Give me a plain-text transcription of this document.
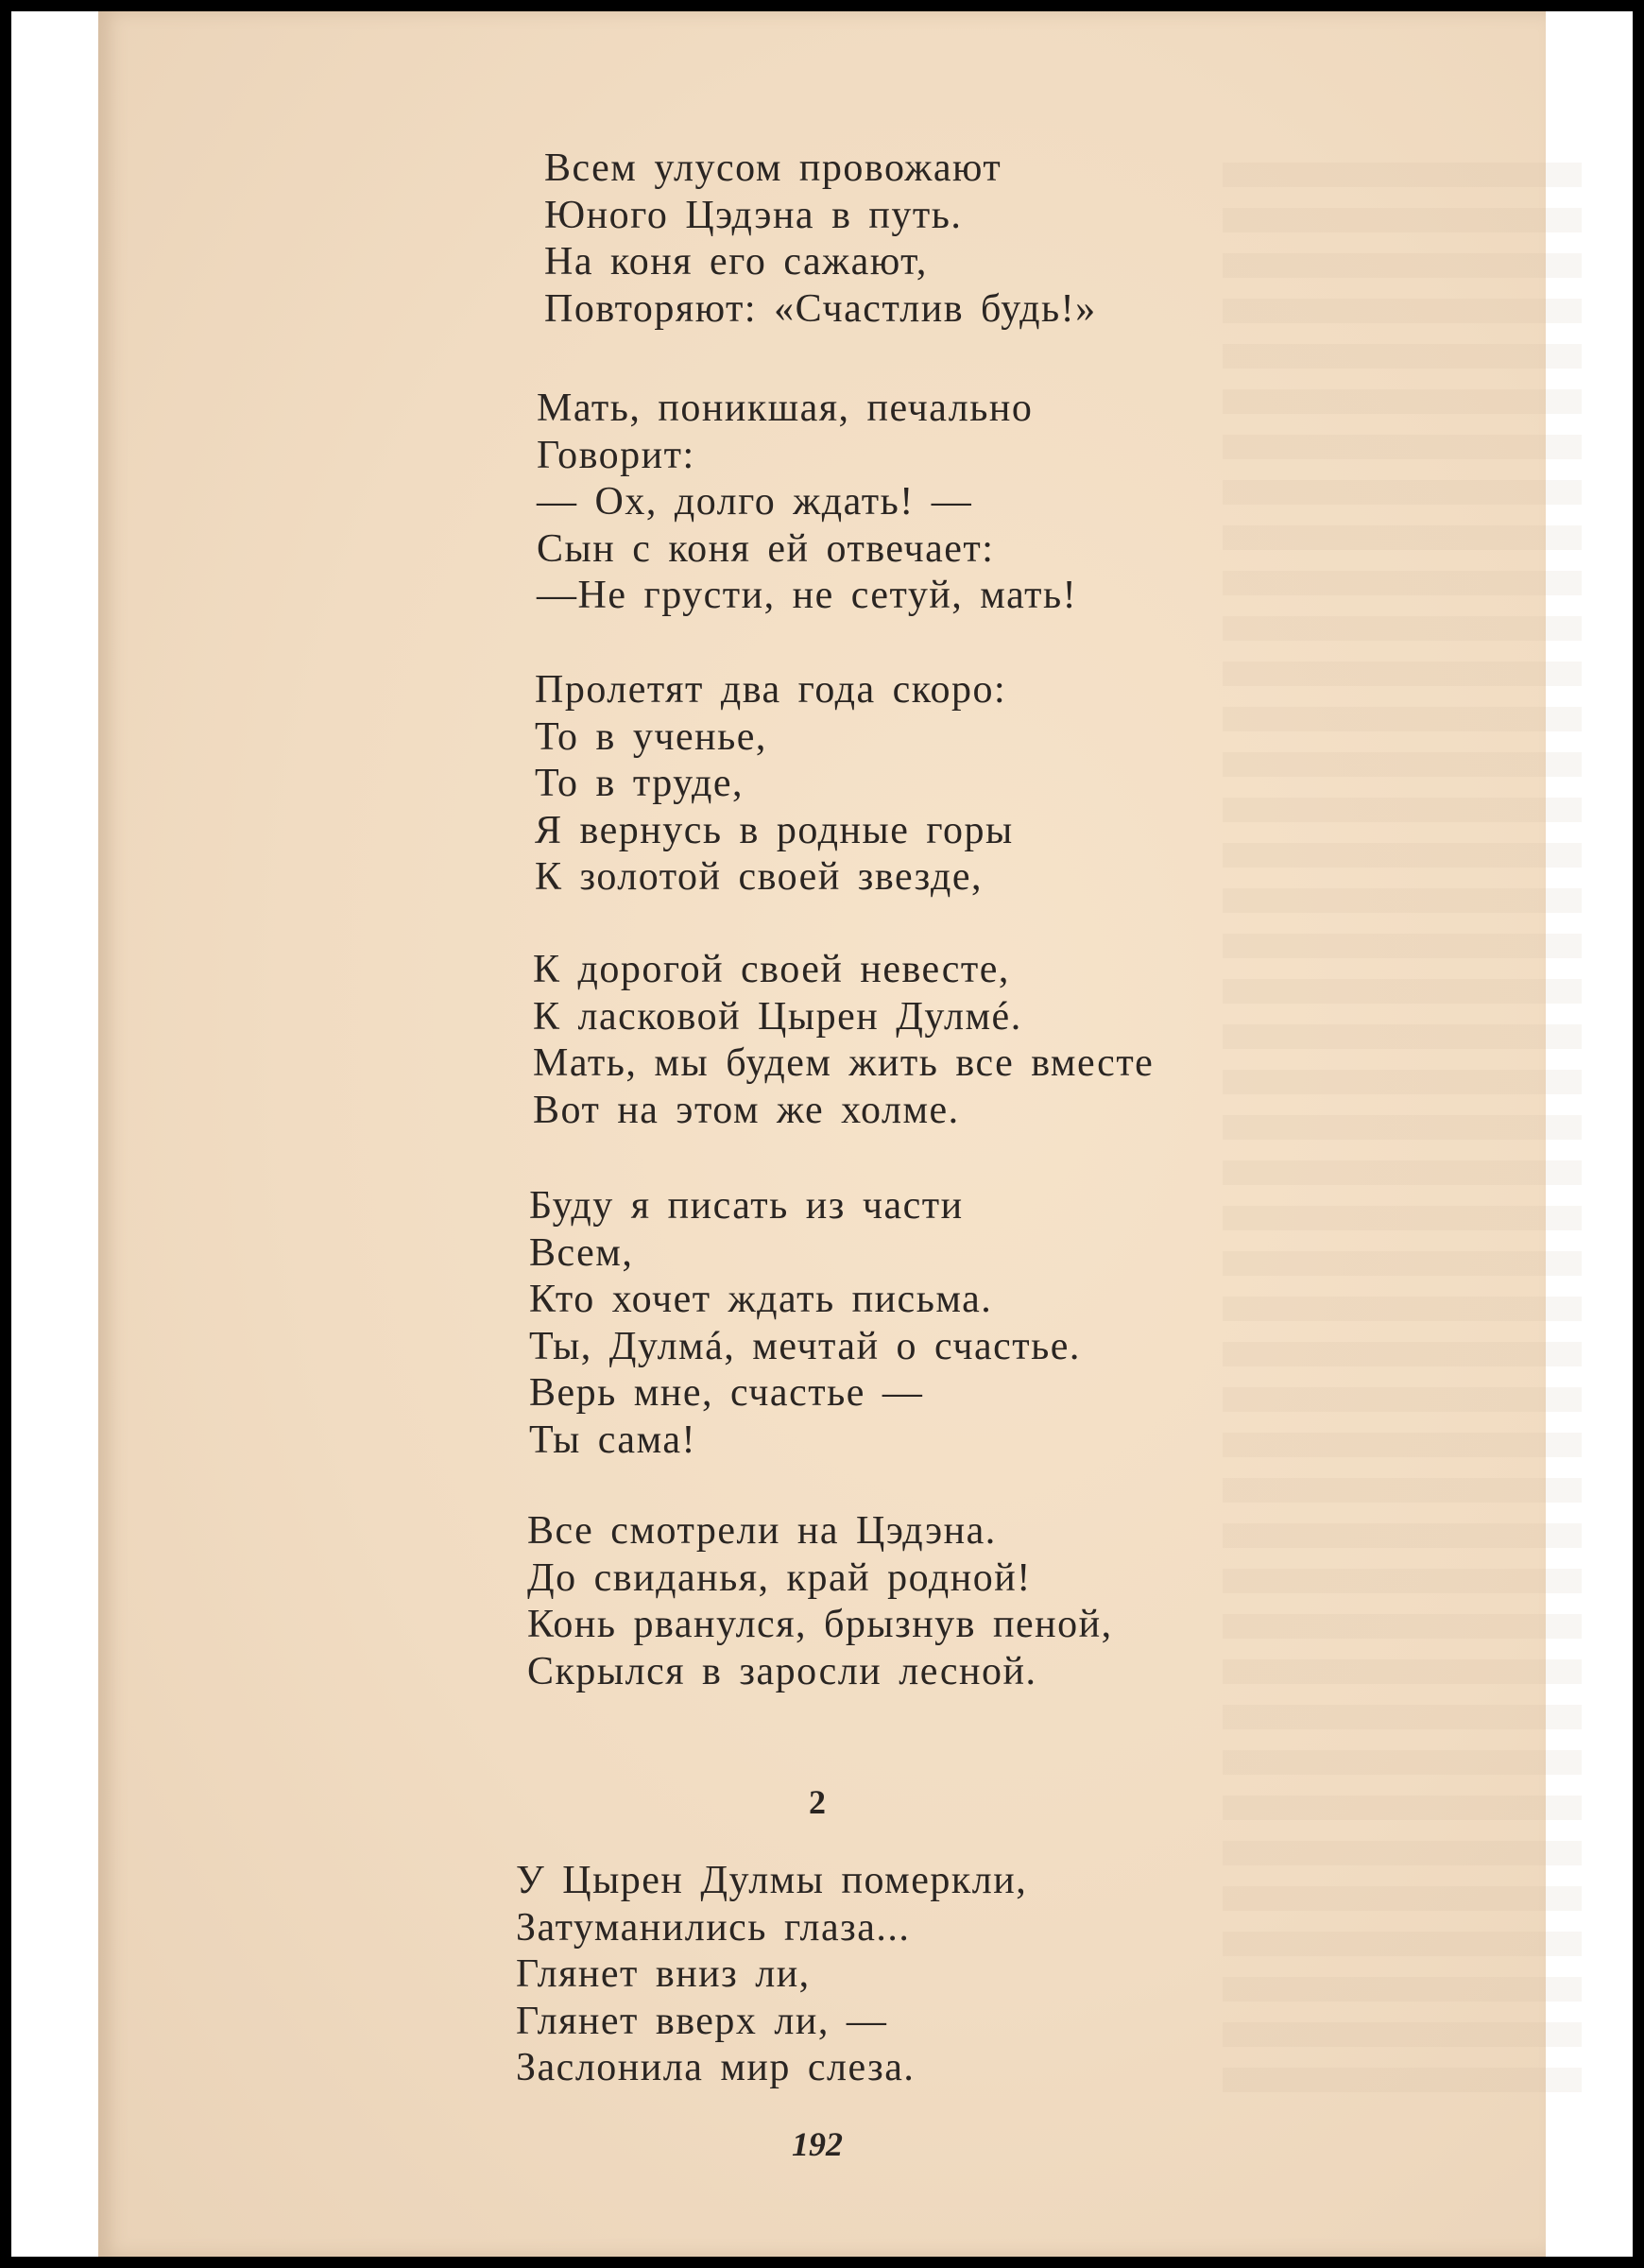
Всем улусом провожают
Юного Цэдэна в путь.
На коня его сажают,
Повторяют: «Счастлив будь!»
Мать, поникшая, печально
Говорит:
— Ох, долго ждать! —
Сын с коня ей отвечает:
—Не грусти, не сетуй, мать!
Пролетят два года скоро:
То в ученье,
То в труде,
Я вернусь в родные горы
К золотой своей звезде,
К дорогой своей невесте,
К ласковой Цырен Дулмé.
Мать, мы будем жить все вместе
Вот на этом же холме.
Буду я писать из части
Всем,
Кто хочет ждать письма.
Ты, Дулмá, мечтай о счастье.
Верь мне, счастье —
Ты сама!
Все смотрели на Цэдэна.
До свиданья, край родной!
Конь рванулся, брызнув пеной,
Скрылся в заросли лесной.
2
У Цырен Дулмы померкли,
Затуманились глаза...
Глянет вниз ли,
Глянет вверх ли, —
Заслонила мир слеза.
192
